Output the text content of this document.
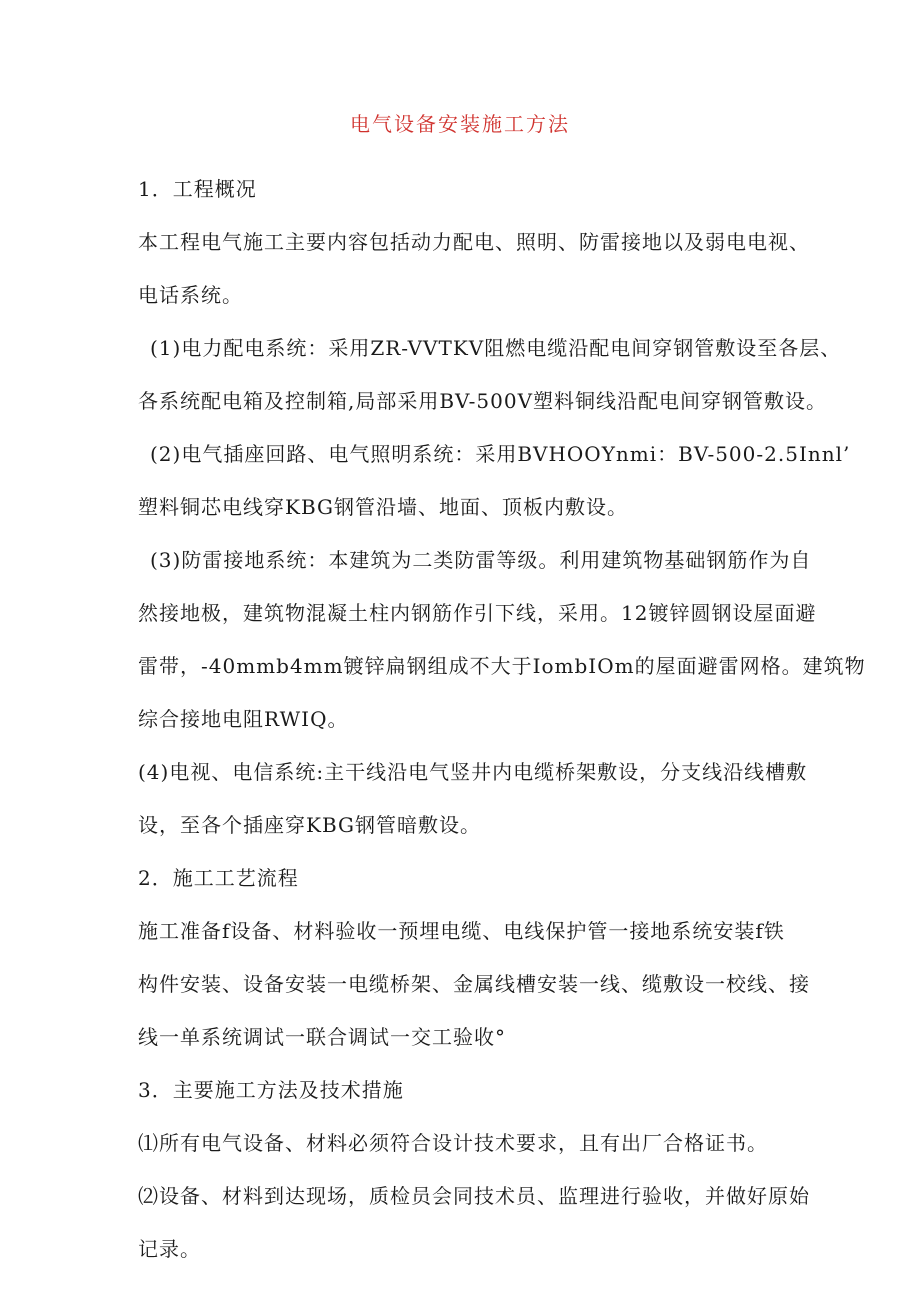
电气设备安装施工方法
1．工程概况
本工程电气施工主要内容包括动力配电、照明、防雷接地以及弱电电视、
电话系统。
(1)电力配电系统：采用ZR-VVTKV阻燃电缆沿配电间穿钢管敷设至各层、
各系统配电箱及控制箱,局部采用BV-500V塑料铜线沿配电间穿钢管敷设。
(2)电气插座回路、电气照明系统：采用BVHOOYnmi：BV-500-2.5Innl’
塑料铜芯电线穿KBG钢管沿墙、地面、顶板内敷设。
(3)防雷接地系统：本建筑为二类防雷等级。利用建筑物基础钢筋作为自
然接地极，建筑物混凝土柱内钢筋作引下线，采用。12镀锌圆钢设屋面避
雷带，-40mmb4mm镀锌扁钢组成不大于IombIOm的屋面避雷网格。建筑物
综合接地电阻RWIQ。
(4)电视、电信系统:主干线沿电气竖井内电缆桥架敷设，分支线沿线槽敷
设，至各个插座穿KBG钢管暗敷设。
2．施工工艺流程
施工准备f设备、材料验收一预埋电缆、电线保护管一接地系统安装f铁
构件安装、设备安装一电缆桥架、金属线槽安装一线、缆敷设一校线、接
线一单系统调试一联合调试一交工验收°
3．主要施工方法及技术措施
⑴所有电气设备、材料必须符合设计技术要求，且有出厂合格证书。
⑵设备、材料到达现场，质检员会同技术员、监理进行验收，并做好原始
记录。
